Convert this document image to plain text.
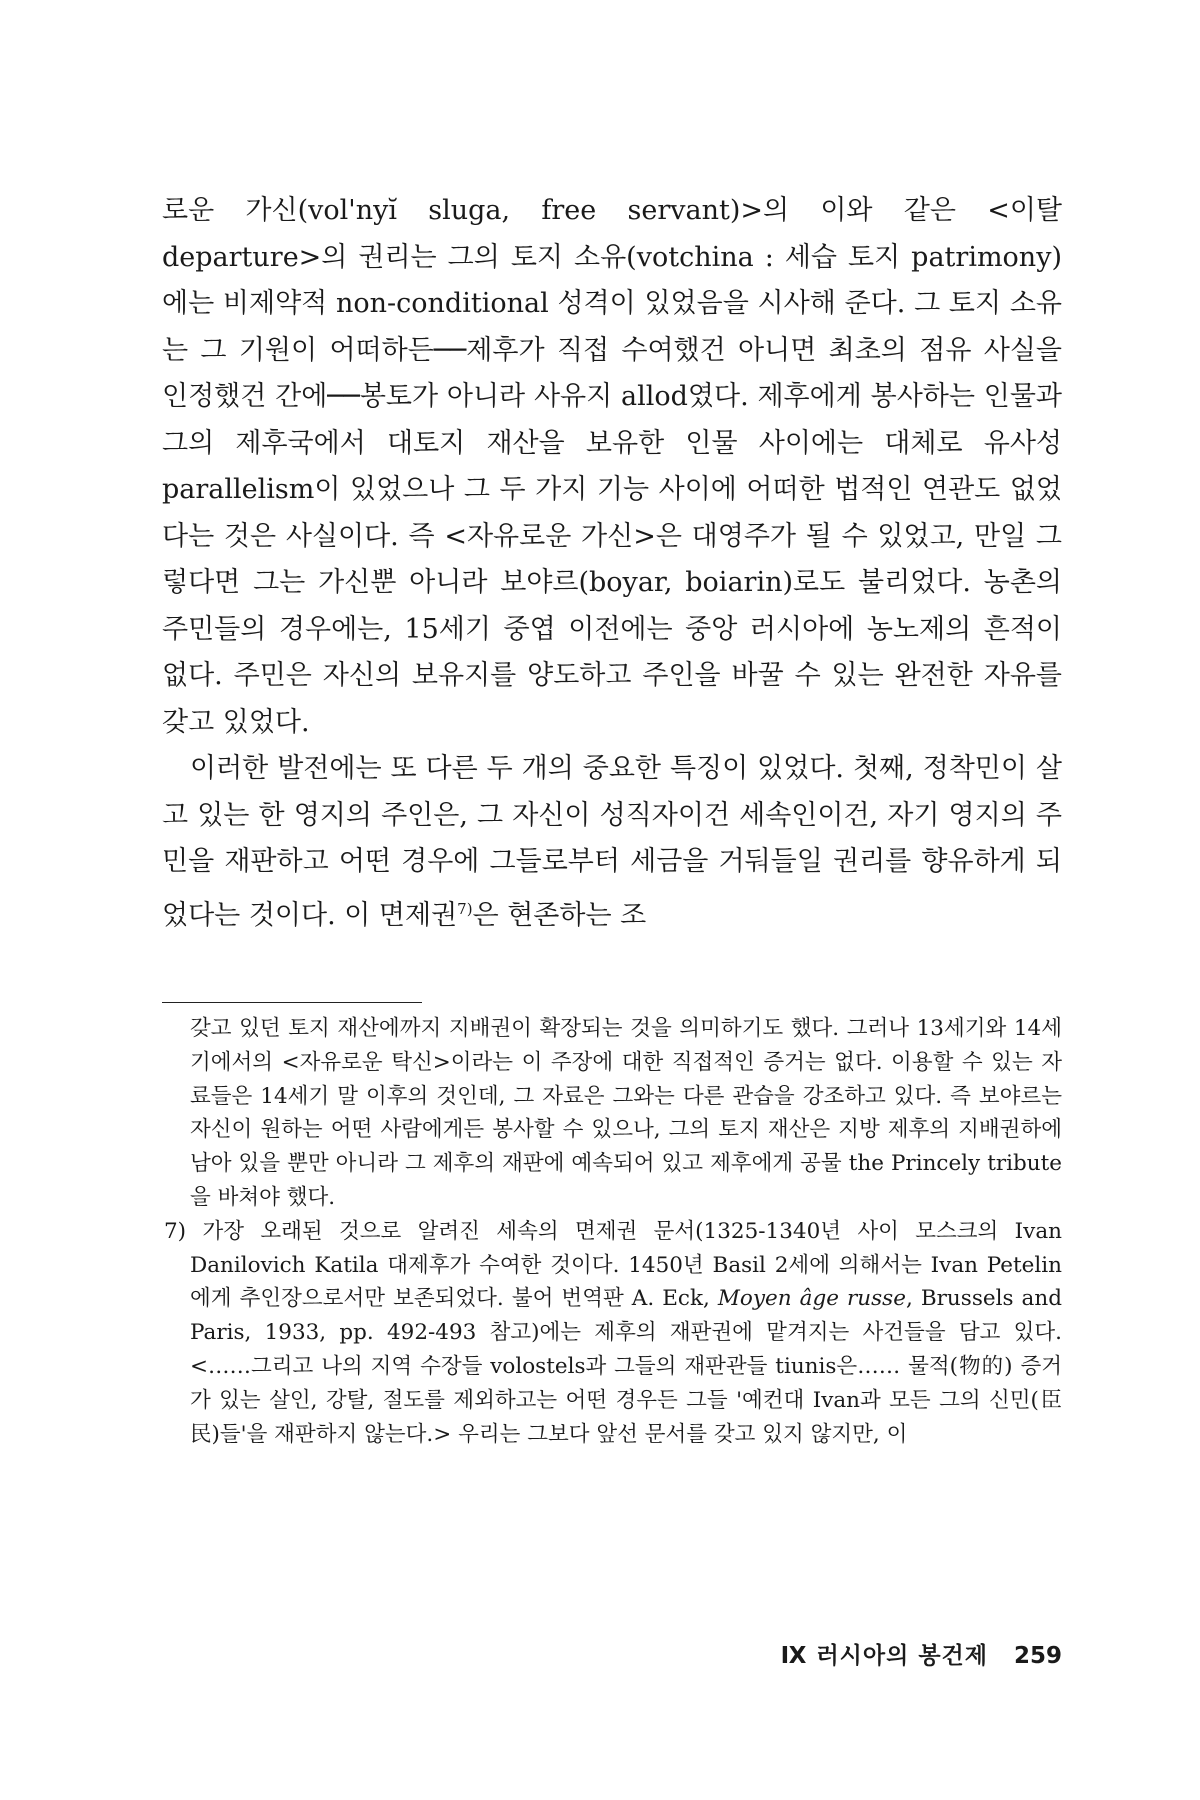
로운 가신(vol'nyĭ sluga, free servant)>의 이와 같은 <이탈 departure>의 권리는 그의 토지 소유(votchina : 세습 토지 patrimony)에는 비제약적 non-conditional 성격이 있었음을 시사해 준다. 그 토지 소유는 그 기원이 어떠하든──제후가 직접 수여했건 아니면 최초의 점유 사실을 인정했건 간에──봉토가 아니라 사유지 allod였다. 제후에게 봉사하는 인물과 그의 제후국에서 대토지 재산을 보유한 인물 사이에는 대체로 유사성 parallelism이 있었으나 그 두 가지 기능 사이에 어떠한 법적인 연관도 없었다는 것은 사실이다. 즉 <자유로운 가신>은 대영주가 될 수 있었고, 만일 그렇다면 그는 가신뿐 아니라 보야르(boyar, boiarin)로도 불리었다. 농촌의 주민들의 경우에는, 15세기 중엽 이전에는 중앙 러시아에 농노제의 흔적이 없다. 주민은 자신의 보유지를 양도하고 주인을 바꿀 수 있는 완전한 자유를 갖고 있었다.

이러한 발전에는 또 다른 두 개의 중요한 특징이 있었다. 첫째, 정착민이 살고 있는 한 영지의 주인은, 그 자신이 성직자이건 세속인이건, 자기 영지의 주민을 재판하고 어떤 경우에 그들로부터 세금을 거둬들일 권리를 향유하게 되었다는 것이다. 이 면제권$^{7)}$은 현존하는 조

갖고 있던 토지 재산에까지 지배권이 확장되는 것을 의미하기도 했다. 그러나 13세기와 14세기에서의 <자유로운 탁신>이라는 이 주장에 대한 직접적인 증거는 없다. 이용할 수 있는 자료들은 14세기 말 이후의 것인데, 그 자료은 그와는 다른 관습을 강조하고 있다. 즉 보야르는 자신이 원하는 어떤 사람에게든 봉사할 수 있으나, 그의 토지 재산은 지방 제후의 지배권하에 남아 있을 뿐만 아니라 그 제후의 재판에 예속되어 있고 제후에게 공물 the Princely tribute을 바쳐야 했다.

7) 가장 오래된 것으로 알려진 세속의 면제권 문서(1325-1340년 사이 모스크의 Ivan Danilovich Katila 대제후가 수여한 것이다. 1450년 Basil 2세에 의해서는 Ivan Petelin에게 추인장으로서만 보존되었다. 불어 번역판 A. Eck, Moyen âge russe, Brussels and Paris, 1933, pp. 492-493 참고)에는 제후의 재판권에 맡겨지는 사건들을 담고 있다. <……그리고 나의 지역 수장들 volostels과 그들의 재판관들 tiunis은…… 물적(物的) 증거가 있는 살인, 강탈, 절도를 제외하고는 어떤 경우든 그들 '예컨대 Ivan과 모든 그의 신민(臣民)들'을 재판하지 않는다.> 우리는 그보다 앞선 문서를 갖고 있지 않지만, 이

Ⅸ 러시아의 봉건제 259
